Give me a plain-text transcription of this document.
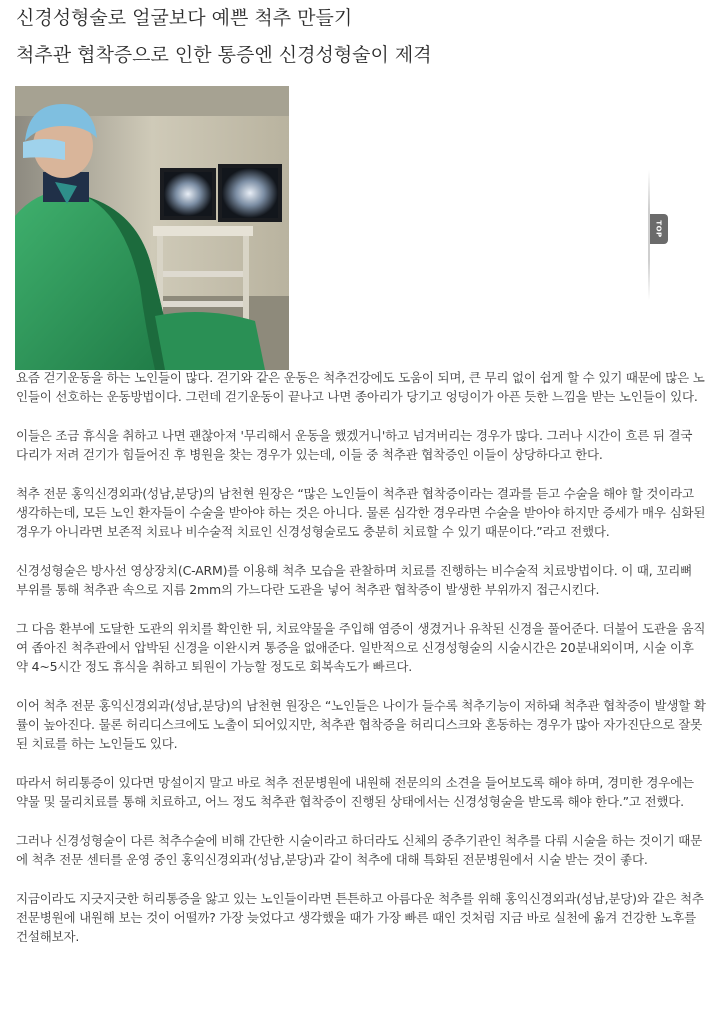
신경성형술로 얼굴보다 예쁜 척추 만들기
척추관 협착증으로 인한 통증엔 신경성형술이 제격
TOP

요즘 걷기운동을 하는 노인들이 많다. 걷기와 같은 운동은 척추건강에도 도움이 되며, 큰 무리 없이 쉽게 할 수 있기 때문에 많은 노인들이 선호하는 운동방법이다. 그런데 걷기운동이 끝나고 나면 종아리가 당기고 엉덩이가 아픈 듯한 느낌을 받는 노인들이 있다.

이들은 조금 휴식을 취하고 나면 괜찮아져 '무리해서 운동을 했겠거니'하고 넘겨버리는 경우가 많다. 그러나 시간이 흐른 뒤 결국 다리가 저려 걷기가 힘들어진 후 병원을 찾는 경우가 있는데, 이들 중 척추관 협착증인 이들이 상당하다고 한다.

척추 전문 홍익신경외과(성남,분당)의 남천현 원장은 “많은 노인들이 척추관 협착증이라는 결과를 듣고 수술을 해야 할 것이라고 생각하는데, 모든 노인 환자들이 수술을 받아야 하는 것은 아니다. 물론 심각한 경우라면 수술을 받아야 하지만 증세가 매우 심화된 경우가 아니라면 보존적 치료나 비수술적 치료인 신경성형술로도 충분히 치료할 수 있기 때문이다.”라고 전했다.

신경성형술은 방사선 영상장치(C-ARM)를 이용해 척추 모습을 관찰하며 치료를 진행하는 비수술적 치료방법이다. 이 때, 꼬리뼈 부위를 통해 척추관 속으로 지름 2mm의 가느다란 도관을 넣어 척추관 협착증이 발생한 부위까지 접근시킨다.

그 다음 환부에 도달한 도관의 위치를 확인한 뒤, 치료약물을 주입해 염증이 생겼거나 유착된 신경을 풀어준다. 더불어 도관을 움직여 좁아진 척추관에서 압박된 신경을 이완시켜 통증을 없애준다. 일반적으로 신경성형술의 시술시간은 20분내외이며, 시술 이후 약 4~5시간 정도 휴식을 취하고 퇴원이 가능할 정도로 회복속도가 빠르다.

이어 척추 전문 홍익신경외과(성남,분당)의 남천현 원장은 “노인들은 나이가 들수록 척추기능이 저하돼 척추관 협착증이 발생할 확률이 높아진다. 물론 허리디스크에도 노출이 되어있지만, 척추관 협착증을 허리디스크와 혼동하는 경우가 많아 자가진단으로 잘못된 치료를 하는 노인들도 있다.

따라서 허리통증이 있다면 망설이지 말고 바로 척추 전문병원에 내원해 전문의의 소견을 들어보도록 해야 하며, 경미한 경우에는 약물 및 물리치료를 통해 치료하고, 어느 정도 척추관 협착증이 진행된 상태에서는 신경성형술을 받도록 해야 한다.”고 전했다.

그러나 신경성형술이 다른 척추수술에 비해 간단한 시술이라고 하더라도 신체의 중추기관인 척추를 다뤄 시술을 하는 것이기 때문에 척추 전문 센터를 운영 중인 홍익신경외과(성남,분당)과 같이 척추에 대해 특화된 전문병원에서 시술 받는 것이 좋다.

지금이라도 지긋지긋한 허리통증을 앓고 있는 노인들이라면 튼튼하고 아름다운 척추를 위해 홍익신경외과(성남,분당)와 같은 척추 전문병원에 내원해 보는 것이 어떨까? 가장 늦었다고 생각했을 때가 가장 빠른 때인 것처럼 지금 바로 실천에 옮겨 건강한 노후를 건설해보자.
